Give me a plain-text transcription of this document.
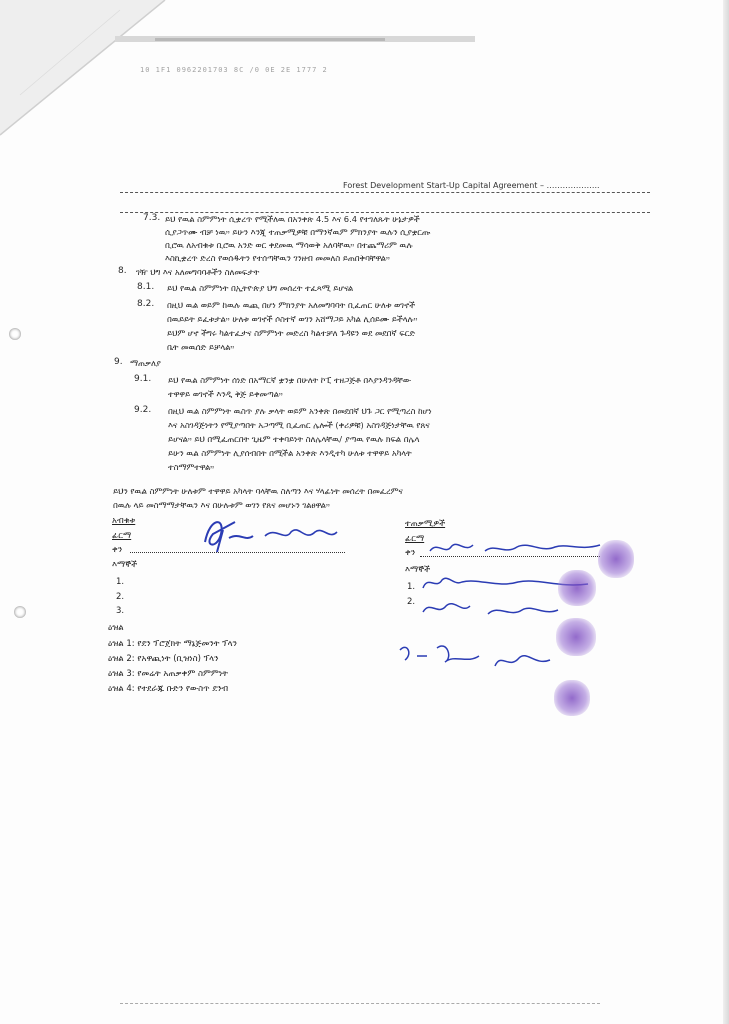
10 1F1 0962201703 8C /0 0E 2E 1777 2
Forest Development Start-Up Capital Agreement – ………………..
7.3. ይህ የዉል ስምምነት ሲቋረጥ የሚችለዉ በአንቀጽ 4.5 እና 6.4 የተገለጹት ሁኔታዎች
ሲያጋጥሙ ብቻ ነዉ። ይሁን እንጂ ተጠቃሚዎቹ በማንኛዉም ምክንያት ዉሉን ሲያቋርጡ
ቢሮዉ ለአብቁቱ ቢሮዉ አንድ ወር ቀደመዉ ማሳወቅ አለባቸዉ። በተጨማሪም ዉሉ
እስኪቋረጥ ድረስ የወሰዱትን የተሰጣቸዉን ገንዘብ መመለስ ይጠበቅባቸዋል።
8. ገዥ ህግ እና አለመግባባቶችን ስለመፍታት
8.1. ይህ የዉል ስምምነት በኢትዮጵያ ህግ መሰረት ተፈጻሚ ይሆናል
8.2. በዚህ ዉል ወይም ከዉሉ ዉጪ በሆነ ምክንያት አለመግባባት ቢፈጠር ሁለቱ ወገኖች
በዉይይት ይፈቱታል። ሁለቱ ወገኖች ሶስተኛ ወገን አሸማጋይ አካል ሊሰይሙ ይችላሉ።
ይህም ሆኖ ችግሩ ካልተፈታና ስምምነት መድረስ ካልተቻለ ጉዳዩን ወደ መደበኛ ፍርድ
ቤት መዉሰድ ይቻላል።
9. ማጠቃለያ
9.1. ይህ የዉል ስምምነት ሰነድ በአማርኛ ቋንቋ በሁለት ኮፒ ተዘጋጅቶ በእያንዳንዳቸው
ተዋዋይ ወገኖች እንዲ ቅጅ ይቀመጣል።
9.2. በዚህ ዉል ስምምነት ዉስጥ ያሉ ቃላት ወይም አንቀጽ በመደበኛ ህጉ ጋር የሚጣረስ ከሆነ
እና አስገዳጅነትን የሚያጣበት አጋጣሚ ቢፈጠር ሌሎች (ቀሪዎቹ) አስገዳጅነታቸዉ የጸና
ይሆናል። ይህ በሚፈጠርበት ጊዜም ተቀባይነት ስለሌላቸዉ/ ያጣዉ የዉሉ ክፍል በሌላ
ይሁን ዉል ስምምነት ሊያሰብበት በሚችል አንቀጽ እንዲተካ ሁለቱ ተዋዋይ አካላት
ተስማምተዋል።
ይህን የዉል ስምምነት ሁለቱም ተዋዋይ አካላት ባላቸዉ ስለጣን እና ሃላፊነት መሰረት በመፈረምና
በዉሉ ላይ መስማማታቸዉን እና በሁሉቱም ወገን የጸና መሆኑን ገልፀዋል።
አብቁቱ
ፊርማ
ቀን
እማኞች
1.
2.
3.
ዕዝል
ዕዝል 1: የደን ፕሮጀክት ማኔጅመንት ፕላን
ዕዝል 2: የአዋጪነት (ቢዝነስ) ፕላን
ዕዝል 3: የመሬት አጠቃቀም ስምምነት
ዕዝል 4: የተደራጁ ቡድን የውስጥ ደንብ
ተጠቃሚዎች
ፊርማ
ቀን
እማኞች
1.
2.
